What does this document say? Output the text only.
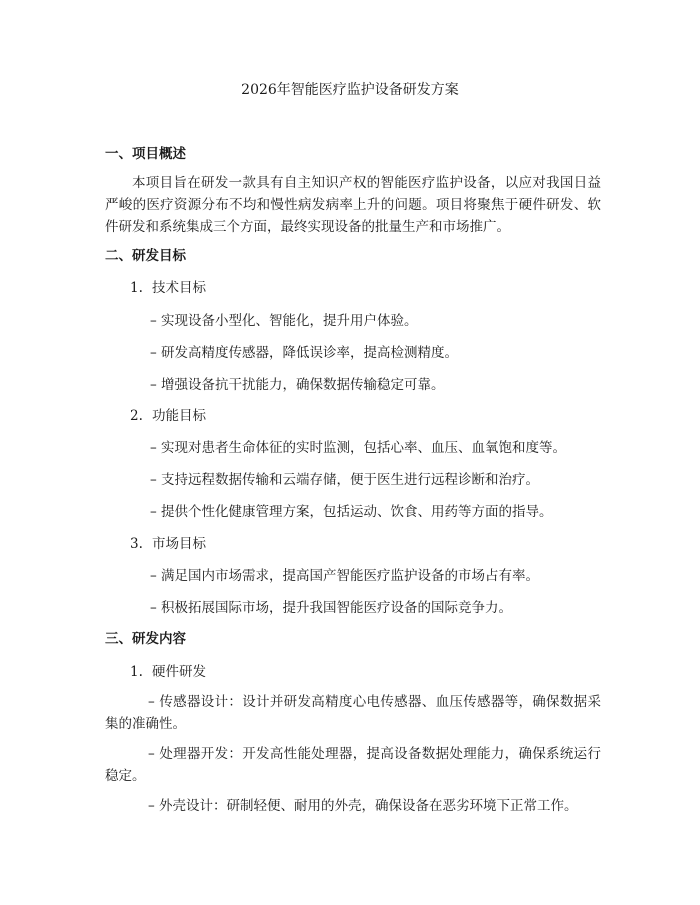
2026年智能医疗监护设备研发方案
一、项目概述
本项目旨在研发一款具有自主知识产权的智能医疗监护设备，以应对我国日益严峻的医疗资源分布不均和慢性病发病率上升的问题。项目将聚焦于硬件研发、软件研发和系统集成三个方面，最终实现设备的批量生产和市场推广。
二、研发目标
1. 技术目标
– 实现设备小型化、智能化，提升用户体验。
– 研发高精度传感器，降低误诊率，提高检测精度。
– 增强设备抗干扰能力，确保数据传输稳定可靠。
2. 功能目标
– 实现对患者生命体征的实时监测，包括心率、血压、血氧饱和度等。
– 支持远程数据传输和云端存储，便于医生进行远程诊断和治疗。
– 提供个性化健康管理方案，包括运动、饮食、用药等方面的指导。
3. 市场目标
– 满足国内市场需求，提高国产智能医疗监护设备的市场占有率。
– 积极拓展国际市场，提升我国智能医疗设备的国际竞争力。
三、研发内容
1. 硬件研发
– 传感器设计：设计并研发高精度心电传感器、血压传感器等，确保数据采集的准确性。
– 处理器开发：开发高性能处理器，提高设备数据处理能力，确保系统运行稳定。
– 外壳设计：研制轻便、耐用的外壳，确保设备在恶劣环境下正常工作。
